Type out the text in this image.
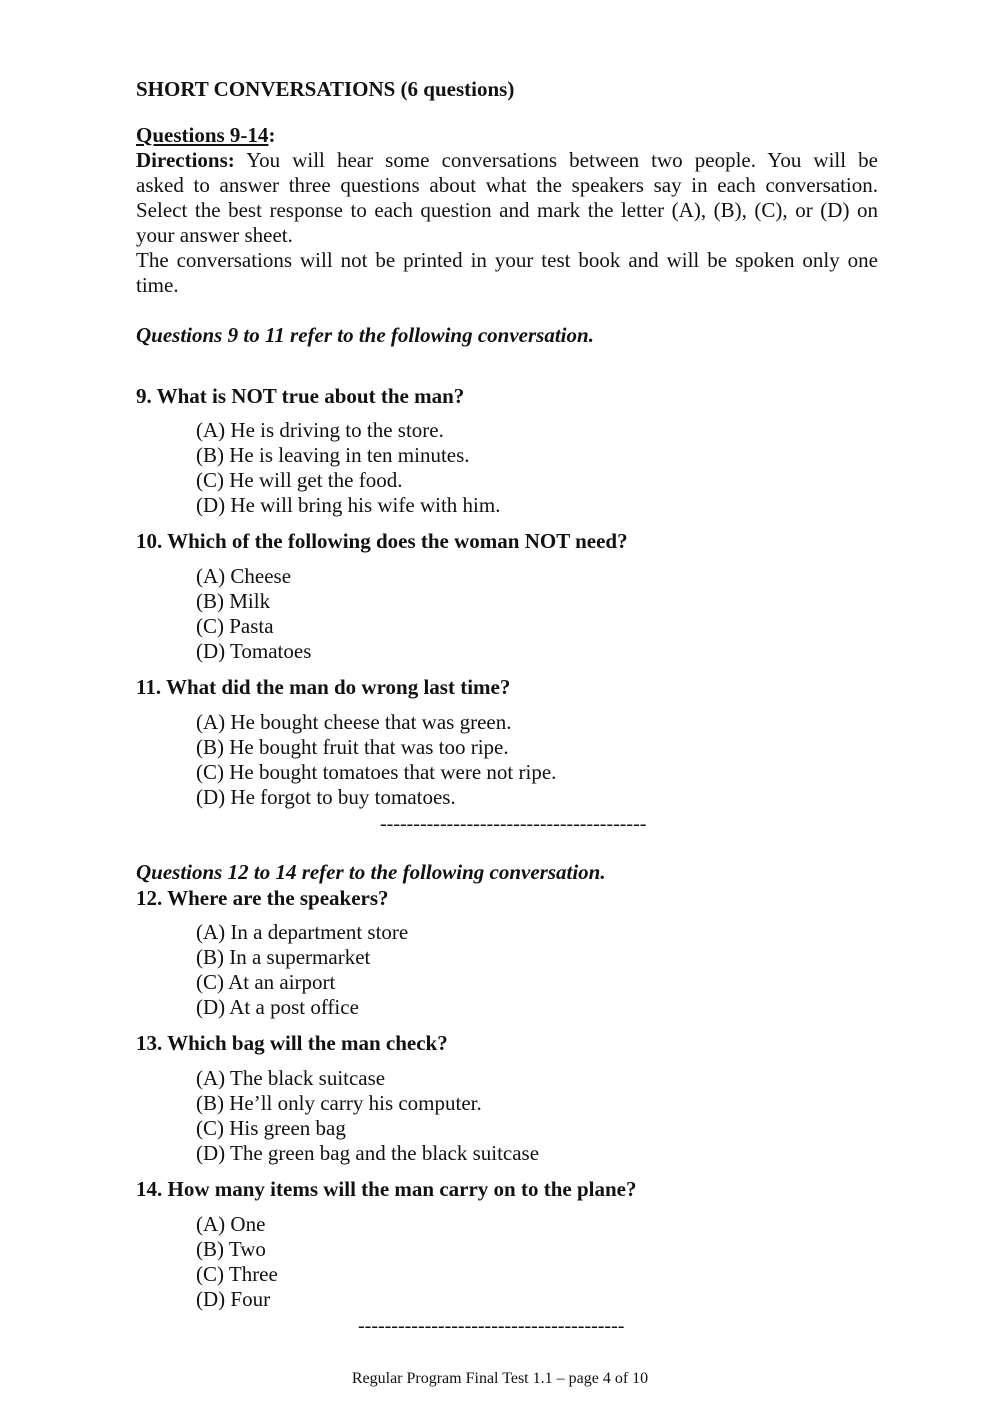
SHORT CONVERSATIONS (6 questions)
Questions 9-14:
Directions: You will hear some conversations between two people. You will be
asked to answer three questions about what the speakers say in each conversation.
Select the best response to each question and mark the letter (A), (B), (C), or (D) on
your answer sheet.
The conversations will not be printed in your test book and will be spoken only one
time.
Questions 9 to 11 refer to the following conversation.
9. What is NOT true about the man?
(A) He is driving to the store.
(B) He is leaving in ten minutes.
(C) He will get the food.
(D) He will bring his wife with him.
10. Which of the following does the woman NOT need?
(A) Cheese
(B) Milk
(C) Pasta
(D) Tomatoes
11. What did the man do wrong last time?
(A) He bought cheese that was green.
(B) He bought fruit that was too ripe.
(C) He bought tomatoes that were not ripe.
(D) He forgot to buy tomatoes.
----------------------------------------
Questions 12 to 14 refer to the following conversation.
12. Where are the speakers?
(A) In a department store
(B) In a supermarket
(C) At an airport
(D) At a post office
13. Which bag will the man check?
(A) The black suitcase
(B) He’ll only carry his computer.
(C) His green bag
(D) The green bag and the black suitcase
14. How many items will the man carry on to the plane?
(A) One
(B) Two
(C) Three
(D) Four
----------------------------------------
Regular Program Final Test 1.1 – page 4 of 10
